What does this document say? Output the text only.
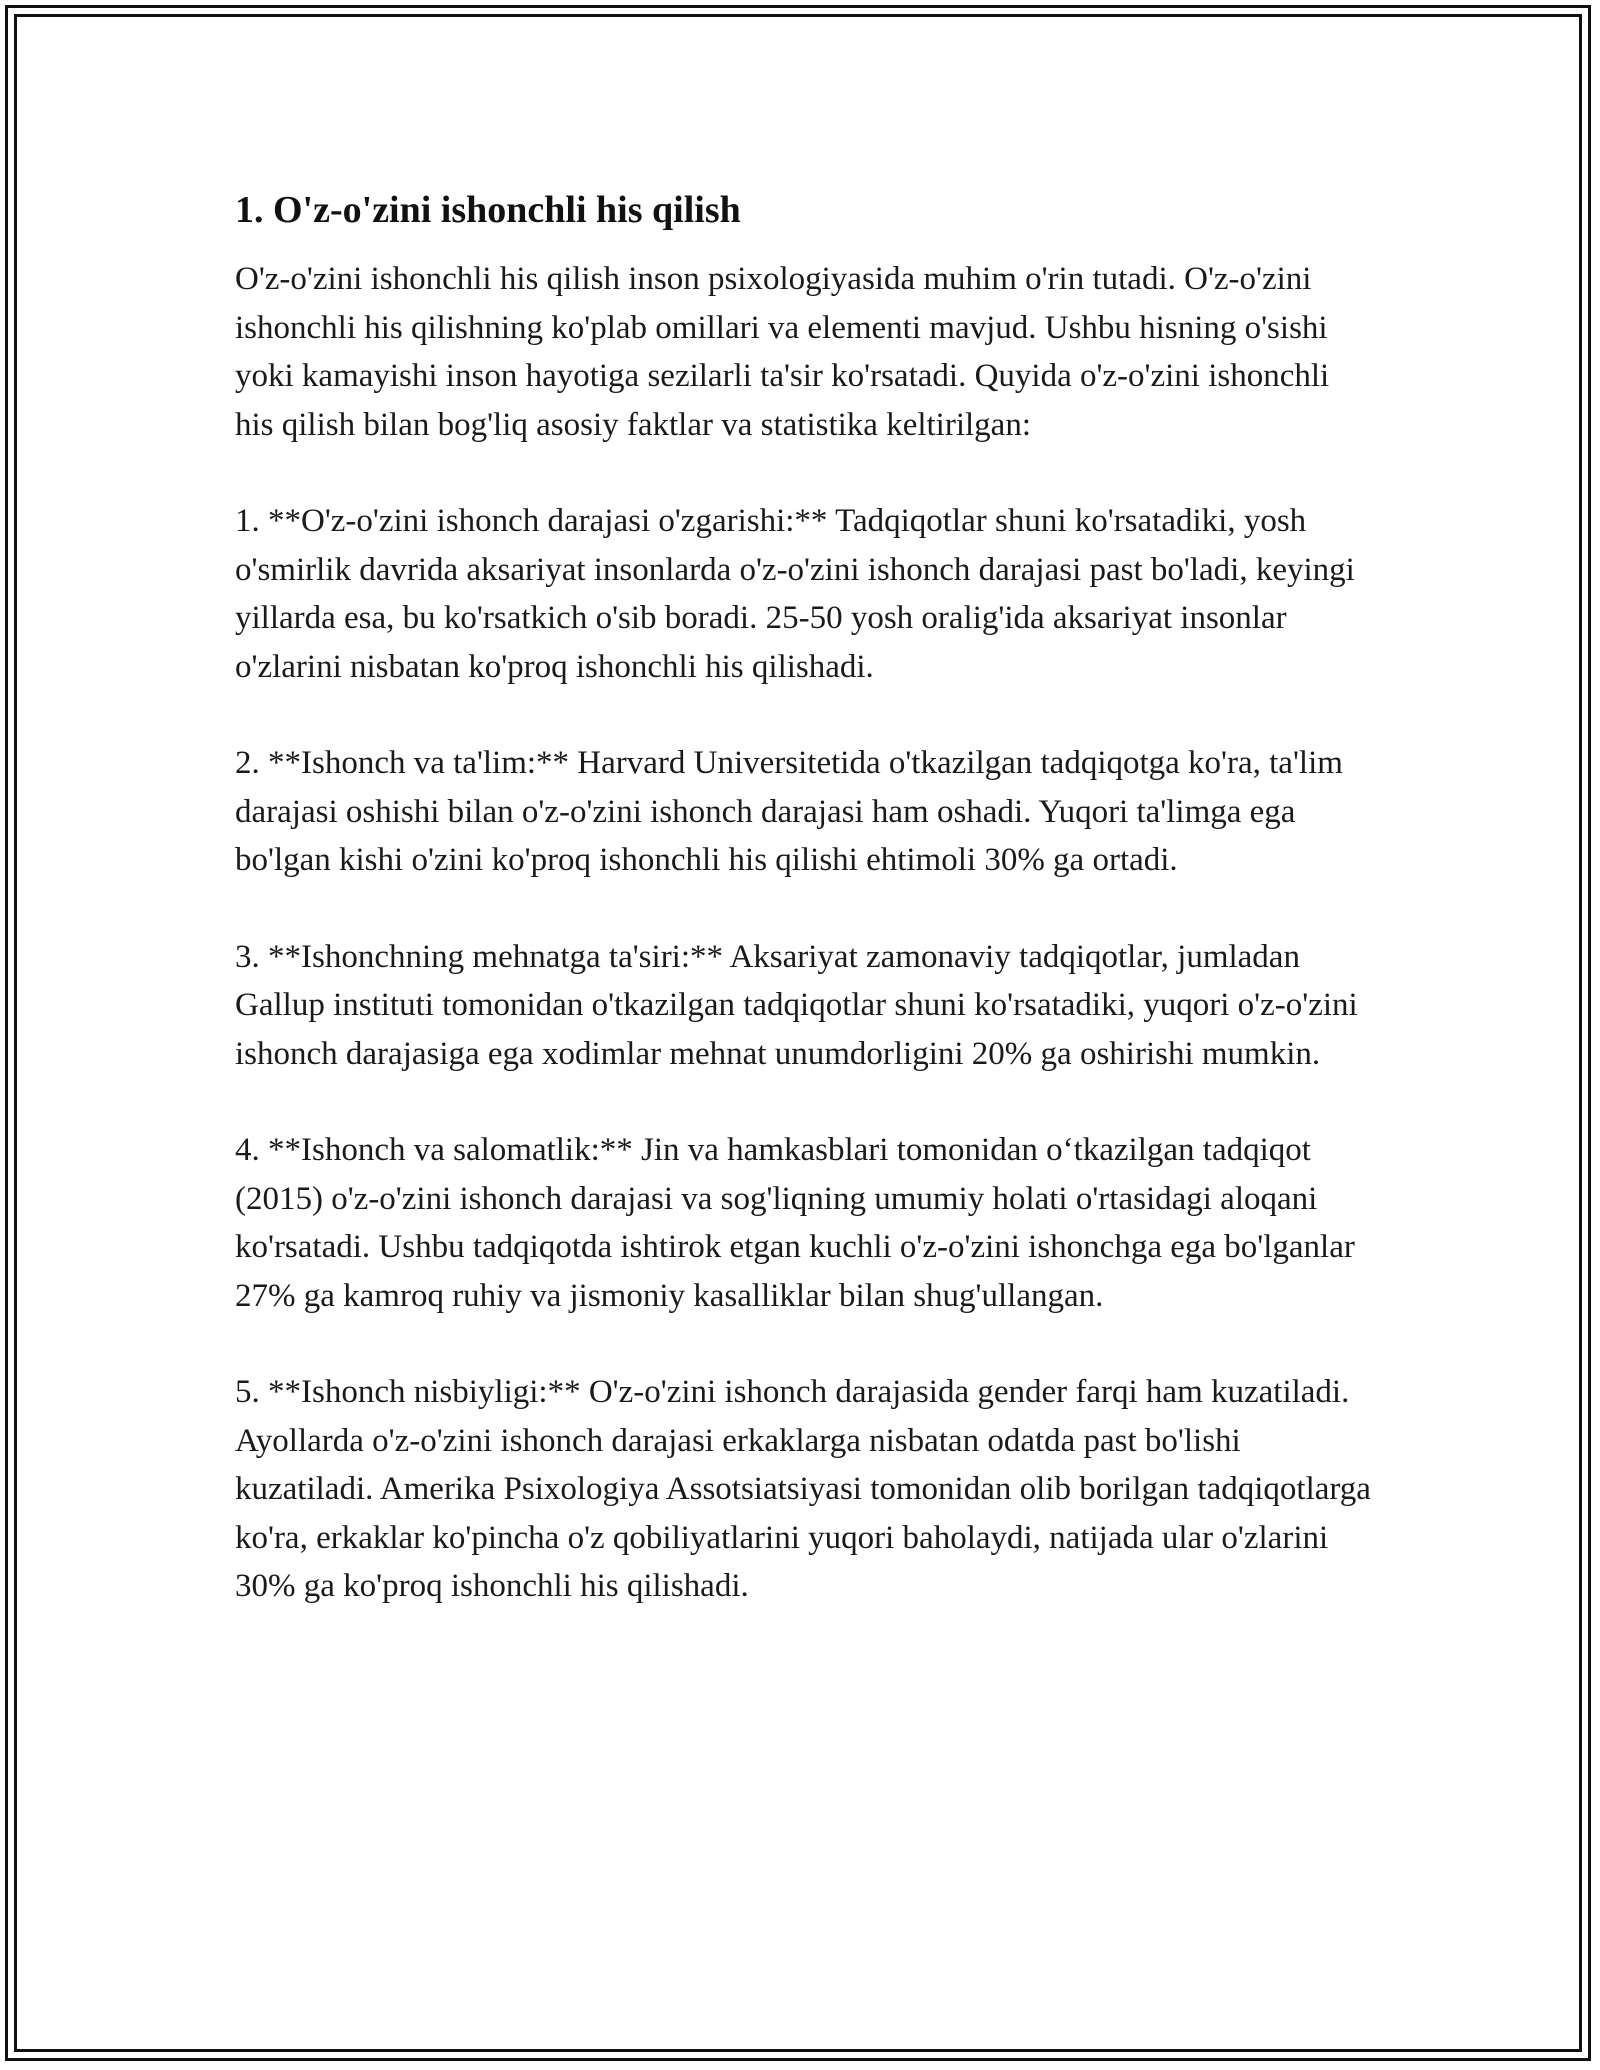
1. O'z-o'zini ishonchli his qilish

O'z-o'zini ishonchli his qilish inson psixologiyasida muhim o'rin tutadi. O'z-o'zini ishonchli his qilishning ko'plab omillari va elementi mavjud. Ushbu hisning o'sishi yoki kamayishi inson hayotiga sezilarli ta'sir ko'rsatadi. Quyida o'z-o'zini ishonchli his qilish bilan bog'liq asosiy faktlar va statistika keltirilgan:

1. **O'z-o'zini ishonch darajasi o'zgarishi:** Tadqiqotlar shuni ko'rsatadiki, yosh o'smirlik davrida aksariyat insonlarda o'z-o'zini ishonch darajasi past bo'ladi, keyingi yillarda esa, bu ko'rsatkich o'sib boradi. 25-50 yosh oralig'ida aksariyat insonlar o'zlarini nisbatan ko'proq ishonchli his qilishadi.

2. **Ishonch va ta'lim:** Harvard Universitetida o'tkazilgan tadqiqotga ko'ra, ta'lim darajasi oshishi bilan o'z-o'zini ishonch darajasi ham oshadi. Yuqori ta'limga ega bo'lgan kishi o'zini ko'proq ishonchli his qilishi ehtimoli 30% ga ortadi.

3. **Ishonchning mehnatga ta'siri:** Aksariyat zamonaviy tadqiqotlar, jumladan Gallup instituti tomonidan o'tkazilgan tadqiqotlar shuni ko'rsatadiki, yuqori o'z-o'zini ishonch darajasiga ega xodimlar mehnat unumdorligini 20% ga oshirishi mumkin.

4. **Ishonch va salomatlik:** Jin va hamkasblari tomonidan o‘tkazilgan tadqiqot (2015) o'z-o'zini ishonch darajasi va sog'liqning umumiy holati o'rtasidagi aloqani ko'rsatadi. Ushbu tadqiqotda ishtirok etgan kuchli o'z-o'zini ishonchga ega bo'lganlar 27% ga kamroq ruhiy va jismoniy kasalliklar bilan shug'ullangan.

5. **Ishonch nisbiyligi:** O'z-o'zini ishonch darajasida gender farqi ham kuzatiladi. Ayollarda o'z-o'zini ishonch darajasi erkaklarga nisbatan odatda past bo'lishi kuzatiladi. Amerika Psixologiya Assotsiatsiyasi tomonidan olib borilgan tadqiqotlarga ko'ra, erkaklar ko'pincha o'z qobiliyatlarini yuqori baholaydi, natijada ular o'zlarini 30% ga ko'proq ishonchli his qilishadi.
